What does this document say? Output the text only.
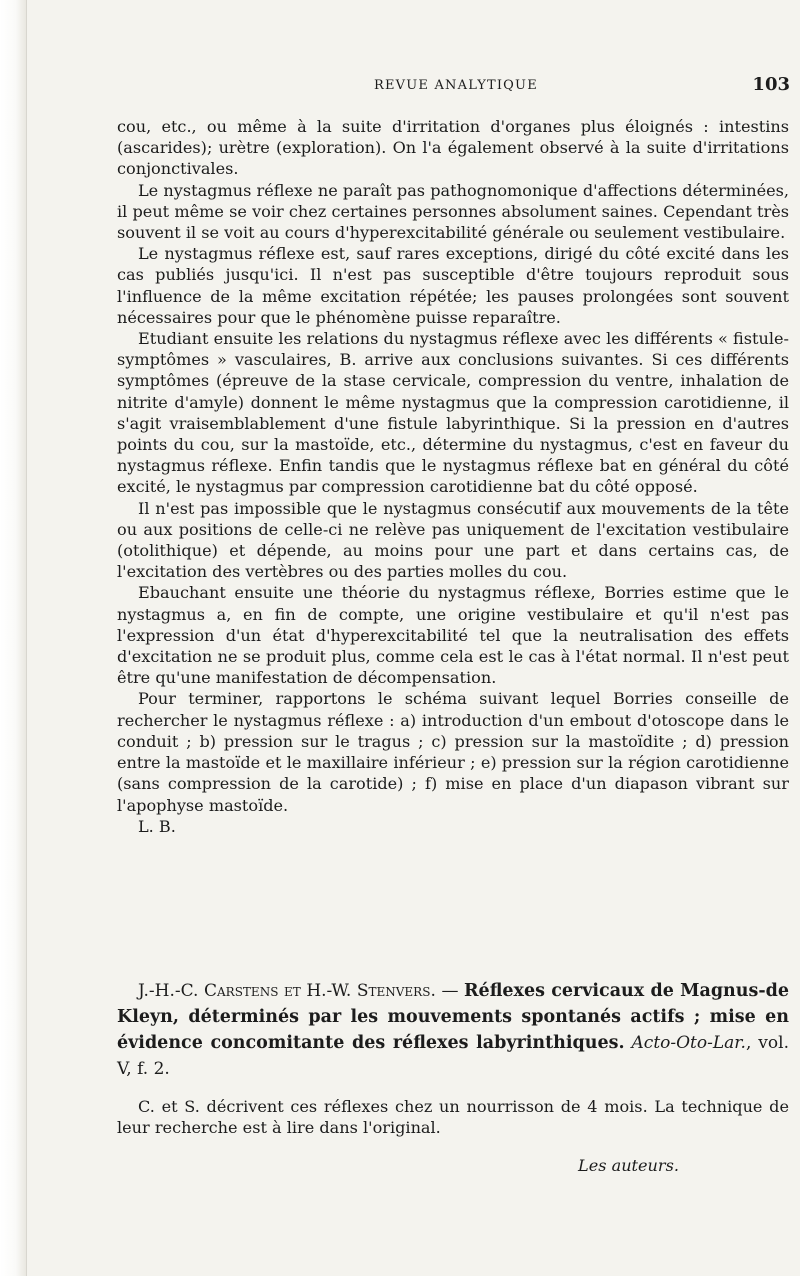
REVUE ANALYTIQUE	103

cou, etc., ou même à la suite d'irritation d'organes plus éloignés : intestins (ascarides); urètre (exploration). On l'a également observé à la suite d'irritations conjonctivales.

Le nystagmus réflexe ne paraît pas pathognomonique d'affections déterminées, il peut même se voir chez certaines personnes absolument saines. Cependant très souvent il se voit au cours d'hyperexcitabilité générale ou seulement vestibulaire.

Le nystagmus réflexe est, sauf rares exceptions, dirigé du côté excité dans les cas publiés jusqu'ici. Il n'est pas susceptible d'être toujours reproduit sous l'influence de la même excitation répétée; les pauses prolongées sont souvent nécessaires pour que le phénomène puisse reparaître.

Etudiant ensuite les relations du nystagmus réflexe avec les différents « fistule-symptômes » vasculaires, B. arrive aux conclusions suivantes. Si ces différents symptômes (épreuve de la stase cervicale, compression du ventre, inhalation de nitrite d'amyle) donnent le même nystagmus que la compression carotidienne, il s'agit vraisemblablement d'une fistule labyrinthique. Si la pression en d'autres points du cou, sur la mastoïde, etc., détermine du nystagmus, c'est en faveur du nystagmus réflexe. Enfin tandis que le nystagmus réflexe bat en général du côté excité, le nystagmus par compression carotidienne bat du côté opposé.

Il n'est pas impossible que le nystagmus consécutif aux mouvements de la tête ou aux positions de celle-ci ne relève pas uniquement de l'excitation vestibulaire (otolithique) et dépende, au moins pour une part et dans certains cas, de l'excitation des vertèbres ou des parties molles du cou.

Ebauchant ensuite une théorie du nystagmus réflexe, Borries estime que le nystagmus a, en fin de compte, une origine vestibulaire et qu'il n'est pas l'expression d'un état d'hyperexcitabilité tel que la neutralisation des effets d'excitation ne se produit plus, comme cela est le cas à l'état normal. Il n'est peut être qu'une manifestation de décompensation.

Pour terminer, rapportons le schéma suivant lequel Borries conseille de rechercher le nystagmus réflexe : a) introduction d'un embout d'otoscope dans le conduit ; b) pression sur le tragus ; c) pression sur la mastoïdite ; d) pression entre la mastoïde et le maxillaire inférieur ; e) pression sur la région carotidienne (sans compression de la carotide) ; f) mise en place d'un diapason vibrant sur l'apophyse mastoïde.

L. B.

J.-H.-C. Carstens et H.-W. Stenvers. — Réflexes cervicaux de Magnus-de Kleyn, déterminés par les mouvements spontanés actifs ; mise en évidence concomitante des réflexes labyrinthiques. Acto-Oto-Lar., vol. V, f. 2.

C. et S. décrivent ces réflexes chez un nourrisson de 4 mois. La technique de leur recherche est à lire dans l'original.

Les auteurs.
